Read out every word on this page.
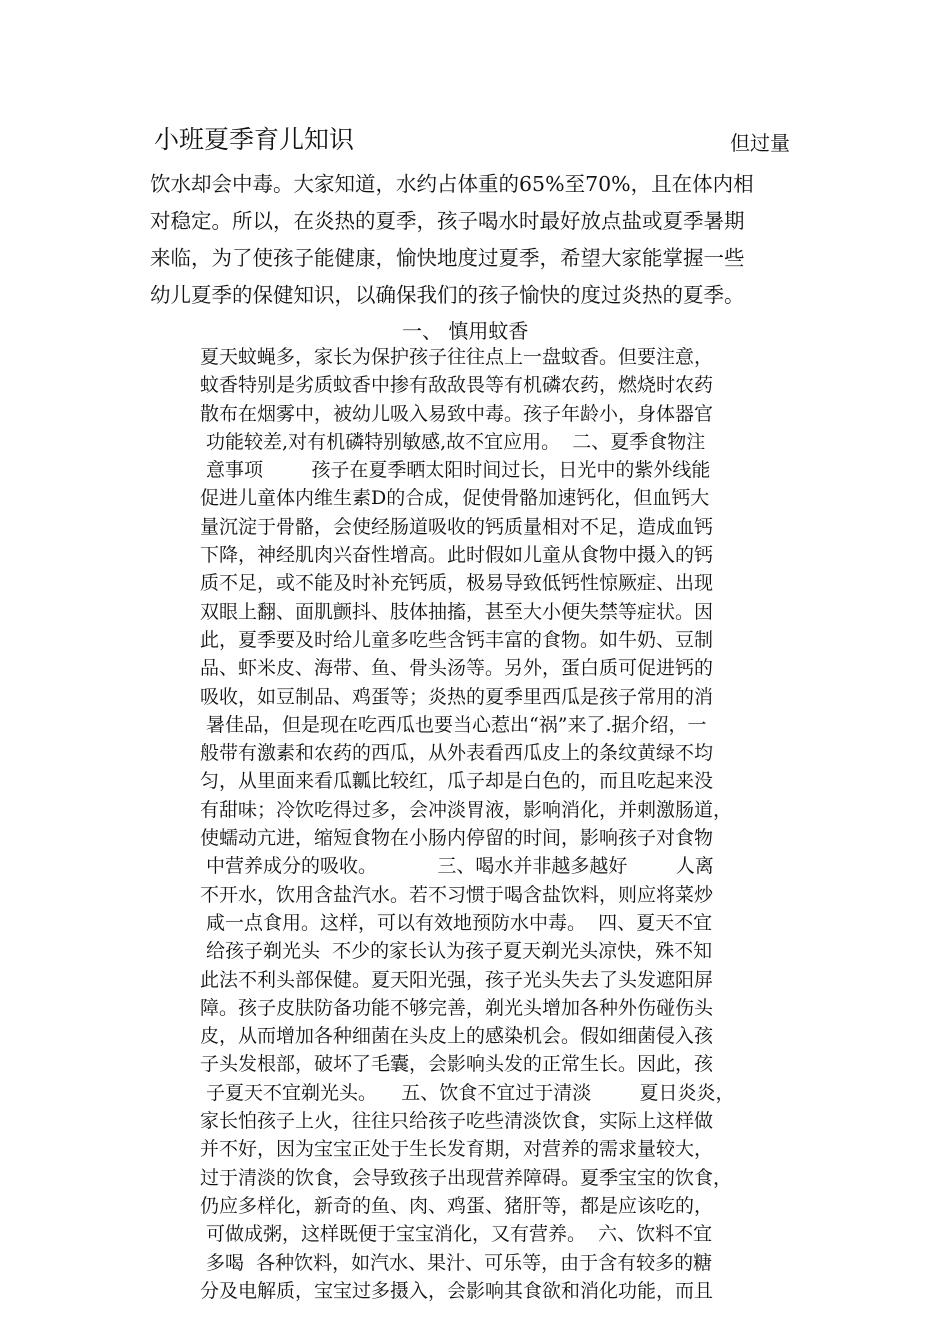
小班夏季育儿知识	但过量
饮水却会中毒。大家知道，水约占体重的65%至70%，且在体内相
对稳定。所以，在炎热的夏季，孩子喝水时最好放点盐或夏季暑期
来临，为了使孩子能健康，愉快地度过夏季，希望大家能掌握一些
幼儿夏季的保健知识，以确保我们的孩子愉快的度过炎热的夏季。
一、 慎用蚊香
夏天蚊蝇多，家长为保护孩子往往点上一盘蚊香。但要注意，
蚊香特别是劣质蚊香中掺有敌敌畏等有机磷农药，燃烧时农药
散布在烟雾中，被幼儿吸入易致中毒。孩子年龄小，身体器官
功能较差,对有机磷特别敏感,故不宜应用。  二、夏季食物注
意事项        孩子在夏季晒太阳时间过长，日光中的紫外线能
促进儿童体内维生素D的合成，促使骨骼加速钙化，但血钙大
量沉淀于骨骼，会使经肠道吸收的钙质量相对不足，造成血钙
下降，神经肌肉兴奋性增高。此时假如儿童从食物中摄入的钙
质不足，或不能及时补充钙质，极易导致低钙性惊厥症、出现
双眼上翻、面肌颤抖、肢体抽搐，甚至大小便失禁等症状。因
此，夏季要及时给儿童多吃些含钙丰富的食物。如牛奶、豆制
品、虾米皮、海带、鱼、骨头汤等。另外，蛋白质可促进钙的
吸收，如豆制品、鸡蛋等；炎热的夏季里西瓜是孩子常用的消
暑佳品，但是现在吃西瓜也要当心惹出“祸”来了.据介绍，一
般带有激素和农药的西瓜，从外表看西瓜皮上的条纹黄绿不均
匀，从里面来看瓜瓤比较红，瓜子却是白色的，而且吃起来没
有甜味；冷饮吃得过多，会冲淡胃液，影响消化，并刺激肠道，
使蠕动亢进，缩短食物在小肠内停留的时间，影响孩子对食物
中营养成分的吸收。          三、喝水并非越多越好        人离
不开水，饮用含盐汽水。若不习惯于喝含盐饮料，则应将菜炒
咸一点食用。这样，可以有效地预防水中毒。  四、夏天不宜
给孩子剃光头  不少的家长认为孩子夏天剃光头凉快，殊不知
此法不利头部保健。夏天阳光强，孩子光头失去了头发遮阳屏
障。孩子皮肤防备功能不够完善，剃光头增加各种外伤碰伤头
皮，从而增加各种细菌在头皮上的感染机会。假如细菌侵入孩
子头发根部，破坏了毛囊，会影响头发的正常生长。因此，孩
子夏天不宜剃光头。    五、饮食不宜过于清淡        夏日炎炎，
家长怕孩子上火，往往只给孩子吃些清淡饮食，实际上这样做
并不好，因为宝宝正处于生长发育期，对营养的需求量较大，
过于清淡的饮食，会导致孩子出现营养障碍。夏季宝宝的饮食，
仍应多样化，新奇的鱼、肉、鸡蛋、猪肝等，都是应该吃的，
可做成粥，这样既便于宝宝消化，又有营养。  六、饮料不宜
多喝  各种饮料，如汽水、果汁、可乐等，由于含有较多的糖
分及电解质，宝宝过多摄入，会影响其食欲和消化功能，而且
